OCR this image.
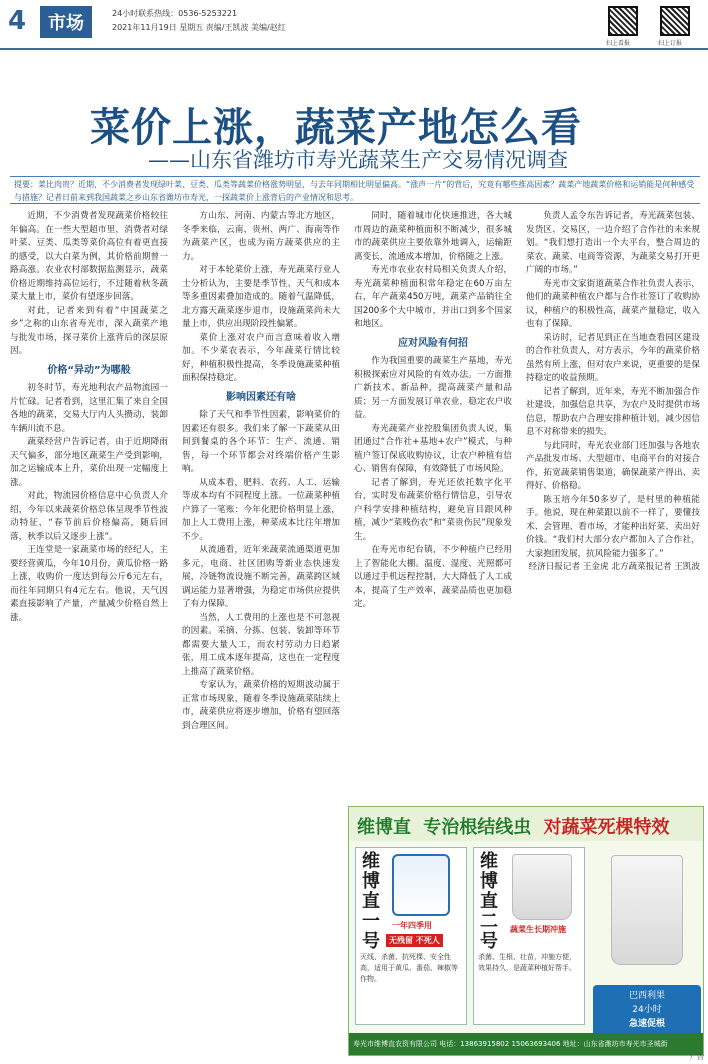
4	市场	24小时联系热线：0536-5253221
2021年11月19日 星期五 责编/王凯波 美编/赵红
扫上看报	扫上订报
菜价上涨，蔬菜产地怎么看
——山东省潍坊市寿光蔬菜生产交易情况调查
提要：菜比肉贵？近期，不少消费者发现绿叶菜、豆类、瓜类等蔬菜价格涨势明显，与去年同期相比明显偏高。“涨声一片”的背后，究竟有哪些推高因素？蔬菜产地蔬菜价格和运销能是何种感受与措施？记者日前来到我国蔬菜之乡山东省潍坊市寿光，一探蔬菜价上涨背后的产业情况和思考。

近期，不少消费者发现蔬菜价格较往年偏高。在一些大型超市里，消费者对绿叶菜、豆类、瓜类等菜价高位有着更直接的感受，以大白菜为例，其价格前期曾一路高涨。农业农村部数据监测显示，蔬菜价格近期维持高位运行，不过随着秋冬蔬菜大量上市，菜价有望逐步回落。

对此，记者来到有着“中国蔬菜之乡”之称的山东省寿光市，深入蔬菜产地与批发市场，探寻菜价上涨背后的深层原因。

价格“异动”为哪般

初冬时节，寿光地利农产品物流园一片忙碌。记者看到，这里汇集了来自全国各地的蔬菜，交易大厅内人头攒动，装卸车辆川流不息。

蔬菜经营户告诉记者，由于近期降雨天气偏多，部分地区蔬菜生产受到影响，加之运输成本上升，菜价出现一定幅度上涨。

对此，物流园价格信息中心负责人介绍，今年以来蔬菜价格总体呈现季节性波动特征，“春节前后价格偏高，随后回落，秋季以后又逐步上涨”。

王连堂是一家蔬菜市场的经纪人，主要经营黄瓜，今年10月份，黄瓜价格一路上涨，收购价一度达到每公斤6元左右，而往年同期只有4元左右。他说，天气因素直接影响了产量，产量减少价格自然上涨。

方山东、河南、内蒙古等北方地区，冬季来临，云南、贵州、两广、海南等作为蔬菜产区，也成为南方蔬菜供应的主力。

对于本轮菜价上涨，寿光蔬菜行业人士分析认为，主要是季节性、天气和成本等多重因素叠加造成的。随着气温降低，北方露天蔬菜逐步退市，设施蔬菜尚未大量上市，供应出现阶段性偏紧。

菜价上涨对农户而言意味着收入增加。不少菜农表示，今年蔬菜行情比较好，种植积极性提高，冬季设施蔬菜种植面积保持稳定。

影响因素还有啥

除了天气和季节性因素，影响菜价的因素还有很多。我们来了解一下蔬菜从田间到餐桌的各个环节：生产、流通、销售，每一个环节都会对终端价格产生影响。

从成本看，肥料、农药、人工、运输等成本均有不同程度上涨。一位蔬菜种植户算了一笔账：今年化肥价格明显上涨，加上人工费用上涨，种菜成本比往年增加不少。

从流通看，近年来蔬菜流通渠道更加多元，电商、社区团购等新业态快速发展，冷链物流设施不断完善，蔬菜跨区域调运能力显著增强，为稳定市场供应提供了有力保障。

当然，人工费用的上涨也是不可忽视的因素。采摘、分拣、包装、装卸等环节都需要大量人工，而农村劳动力日趋紧张，用工成本逐年提高，这也在一定程度上推高了蔬菜价格。

专家认为，蔬菜价格的短期波动属于正常市场现象，随着冬季设施蔬菜陆续上市，蔬菜供应将逐步增加，价格有望回落到合理区间。

同时，随着城市化快速推进，各大城市周边的蔬菜种植面积不断减少，很多城市的蔬菜供应主要依靠外地调入，运输距离变长，流通成本增加，价格随之上涨。

寿光市农业农村局相关负责人介绍，寿光蔬菜种植面积常年稳定在60万亩左右，年产蔬菜450万吨，蔬菜产品销往全国200多个大中城市，并出口到多个国家和地区。

应对风险有何招

作为我国重要的蔬菜生产基地，寿光积极探索应对风险的有效办法。一方面推广新技术、新品种，提高蔬菜产量和品质；另一方面发展订单农业，稳定农户收益。

寿光蔬菜产业控股集团负责人说，集团通过“合作社+基地+农户”模式，与种植户签订保底收购协议，让农户种植有信心、销售有保障，有效降低了市场风险。

记者了解到，寿光还依托数字化平台，实时发布蔬菜价格行情信息，引导农户科学安排种植结构，避免盲目跟风种植，减少“菜贱伤农”和“菜贵伤民”现象发生。

在寿光市纪台镇，不少种植户已经用上了智能化大棚。温度、湿度、光照都可以通过手机远程控制，大大降低了人工成本，提高了生产效率，蔬菜品质也更加稳定。

负责人孟令东告诉记者，寿光蔬菜包装、发货区、交易区，一边介绍了合作社的未来规划。“我们想打造出一个大平台，整合周边的菜农、蔬菜、电商等资源，为蔬菜交易打开更广阔的市场。”

寿光市文家街道蔬菜合作社负责人表示，他们的蔬菜种植农户都与合作社签订了收购协议，种植户的积极性高，蔬菜产量稳定，收入也有了保障。

采访时，记者见到正在当地查看园区建设的合作社负责人，对方表示，今年的蔬菜价格虽然有所上涨，但对农户来说，更重要的是保持稳定的收益预期。

记者了解到，近年来，寿光不断加强合作社建设，加强信息共享，为农户及时提供市场信息，帮助农户合理安排种植计划，减少因信息不对称带来的损失。

与此同时，寿光农业部门还加强与各地农产品批发市场、大型超市、电商平台的对接合作，拓宽蔬菜销售渠道，确保蔬菜产得出、卖得好、价格稳。

陈玉培今年50多岁了，是村里的种植能手。他说，现在种菜跟以前不一样了，要懂技术、会管理、看市场，才能种出好菜、卖出好价钱。“我们村大部分农户都加入了合作社，大家抱团发展，抗风险能力强多了。”

经济日报记者 王金虎 北方蔬菜报记者 王凯波
维博直 专治根结线虫 对蔬菜死棵特效
维博直一号
一年四季用
无残留 不死人
灭线、杀菌、抗死棵、安全性高，适用于黄瓜、番茄、辣椒等作物。
维博直二号
蔬菜生长期冲施
杀菌、生根、壮苗，冲施方便，效果持久，是蔬菜种植好帮手。
巴西利果
24小时
急速促根
寿光市维博直农资有限公司 电话：13863915802 15063693406 地址：山东省潍坊市寿光市圣城街
广告
